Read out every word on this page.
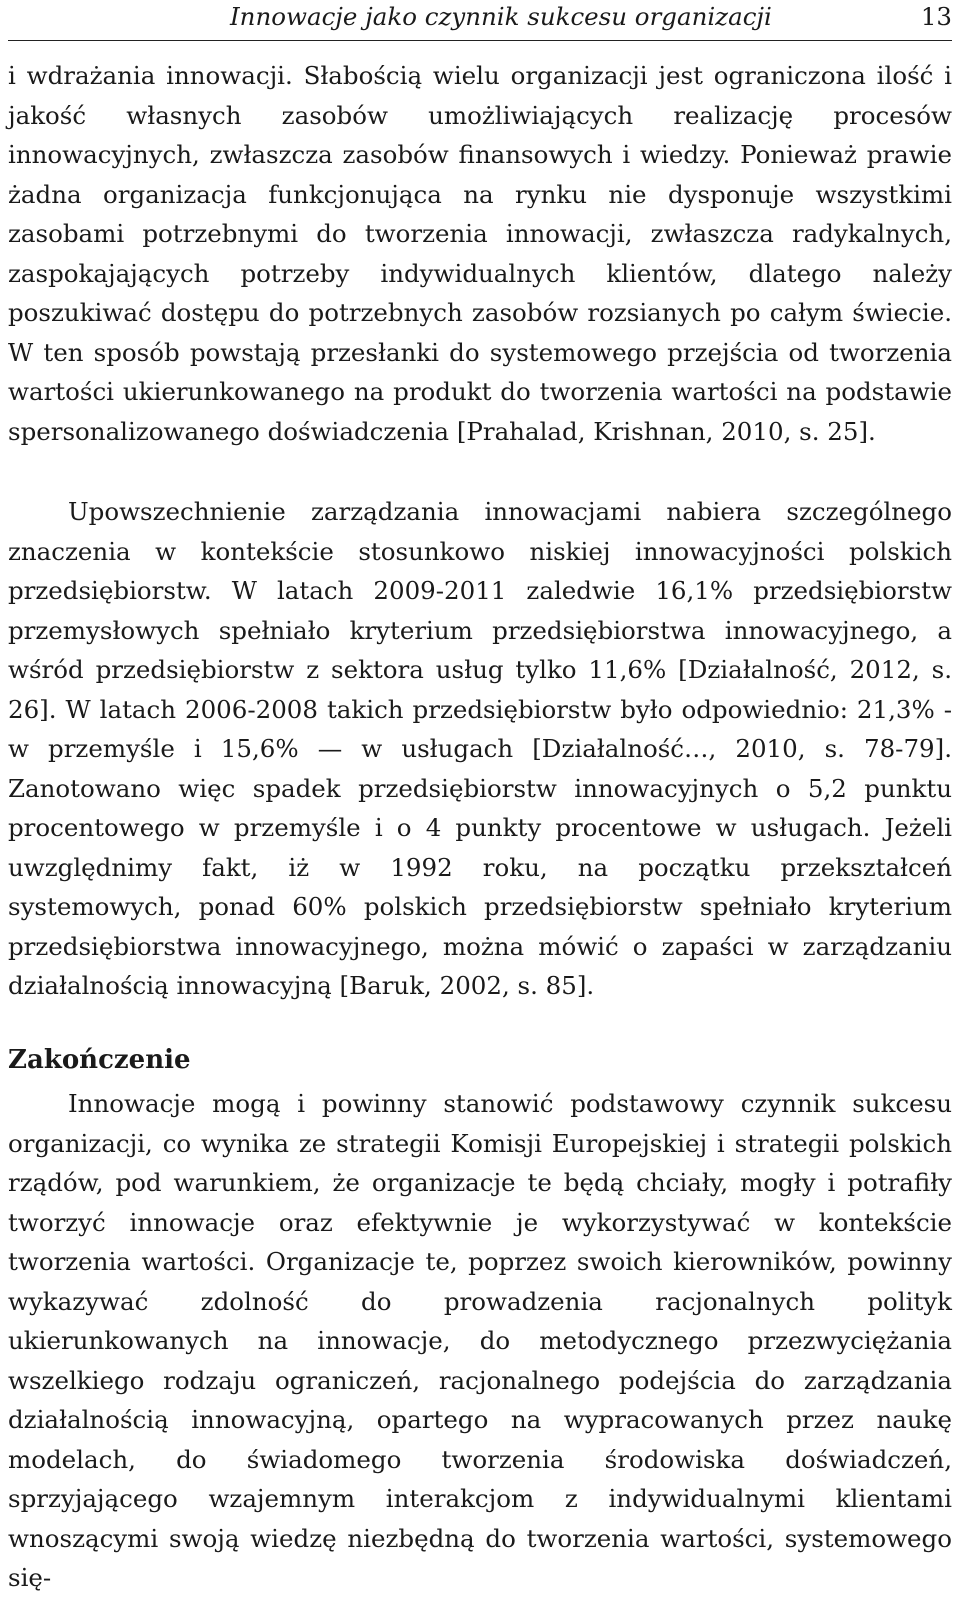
Innowacje jako czynnik sukcesu organizacji	13

i wdrażania innowacji. Słabością wielu organizacji jest ograniczona ilość i jakość własnych zasobów umożliwiających realizację procesów innowacyjnych, zwłaszcza zasobów finansowych i wiedzy. Ponieważ prawie żadna organizacja funkcjonująca na rynku nie dysponuje wszystkimi zasobami potrzebnymi do tworzenia innowacji, zwłaszcza radykalnych, zaspokajających potrzeby indywidualnych klientów, dlatego należy poszukiwać dostępu do potrzebnych zasobów rozsianych po całym świecie. W ten sposób powstają przesłanki do systemowego przejścia od tworzenia wartości ukierunkowanego na produkt do tworzenia wartości na podstawie spersonalizowanego doświadczenia [Prahalad, Krishnan, 2010, s. 25].

Upowszechnienie zarządzania innowacjami nabiera szczególnego znaczenia w kontekście stosunkowo niskiej innowacyjności polskich przedsiębiorstw. W latach 2009-2011 zaledwie 16,1% przedsiębiorstw przemysłowych spełniało kryterium przedsiębiorstwa innowacyjnego, a wśród przedsiębiorstw z sektora usług tylko 11,6% [Działalność, 2012, s. 26]. W latach 2006-2008 takich przedsiębiorstw było odpowiednio: 21,3% - w przemyśle i 15,6% — w usługach [Działalność…, 2010, s. 78-79]. Zanotowano więc spadek przedsiębiorstw innowacyjnych o 5,2 punktu procentowego w przemyśle i o 4 punkty procentowe w usługach. Jeżeli uwzględnimy fakt, iż w 1992 roku, na początku przekształceń systemowych, ponad 60% polskich przedsiębiorstw spełniało kryterium przedsiębiorstwa innowacyjnego, można mówić o zapaści w zarządzaniu działalnością innowacyjną [Baruk, 2002, s. 85].

Zakończenie

Innowacje mogą i powinny stanowić podstawowy czynnik sukcesu organizacji, co wynika ze strategii Komisji Europejskiej i strategii polskich rządów, pod warunkiem, że organizacje te będą chciały, mogły i potrafiły tworzyć innowacje oraz efektywnie je wykorzystywać w kontekście tworzenia wartości. Organizacje te, poprzez swoich kierowników, powinny wykazywać zdolność do prowadzenia racjonalnych polityk ukierunkowanych na innowacje, do metodycznego przezwyciężania wszelkiego rodzaju ograniczeń, racjonalnego podejścia do zarządzania działalnością innowacyjną, opartego na wypracowanych przez naukę modelach, do świadomego tworzenia środowiska doświadczeń, sprzyjającego wzajemnym interakcjom z indywidualnymi klientami wnoszącymi swoją wiedzę niezbędną do tworzenia wartości, systemowego się-
